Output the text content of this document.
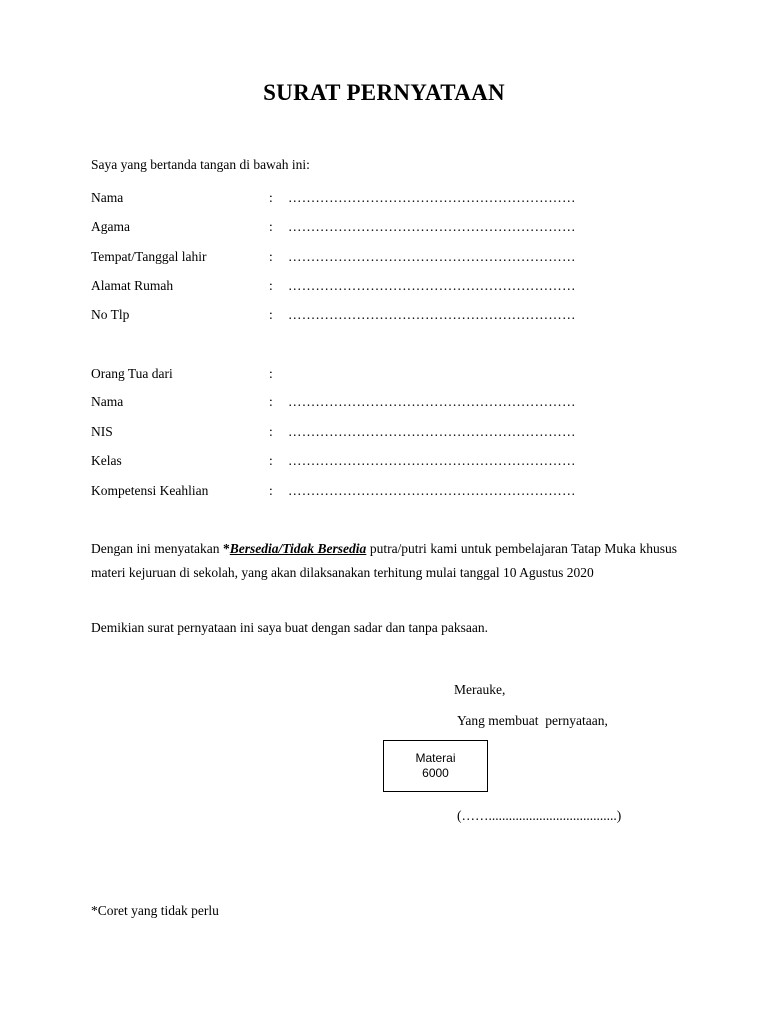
SURAT PERNYATAAN
Saya yang bertanda tangan di bawah ini:
Nama	: ………………………………………………………
Agama	: ………………………………………………………
Tempat/Tanggal lahir	: ………………………………………………………
Alamat Rumah	: ………………………………………………………
No Tlp	: ………………………………………………………
Orang Tua dari	:
Nama	: ………………………………………………………
NIS	: ………………………………………………………
Kelas	: ………………………………………………………
Kompetensi Keahlian	: ………………………………………………………
Dengan ini menyatakan *Bersedia/Tidak Bersedia putra/putri kami untuk pembelajaran Tatap Muka khusus materi kejuruan di sekolah, yang akan dilaksanakan terhitung mulai tanggal 10 Agustus 2020
Demikian surat pernyataan ini saya buat dengan sadar dan tanpa paksaan.
Merauke,
Yang membuat  pernyataan,
Materai
6000
(……......................................)
*Coret yang tidak perlu
